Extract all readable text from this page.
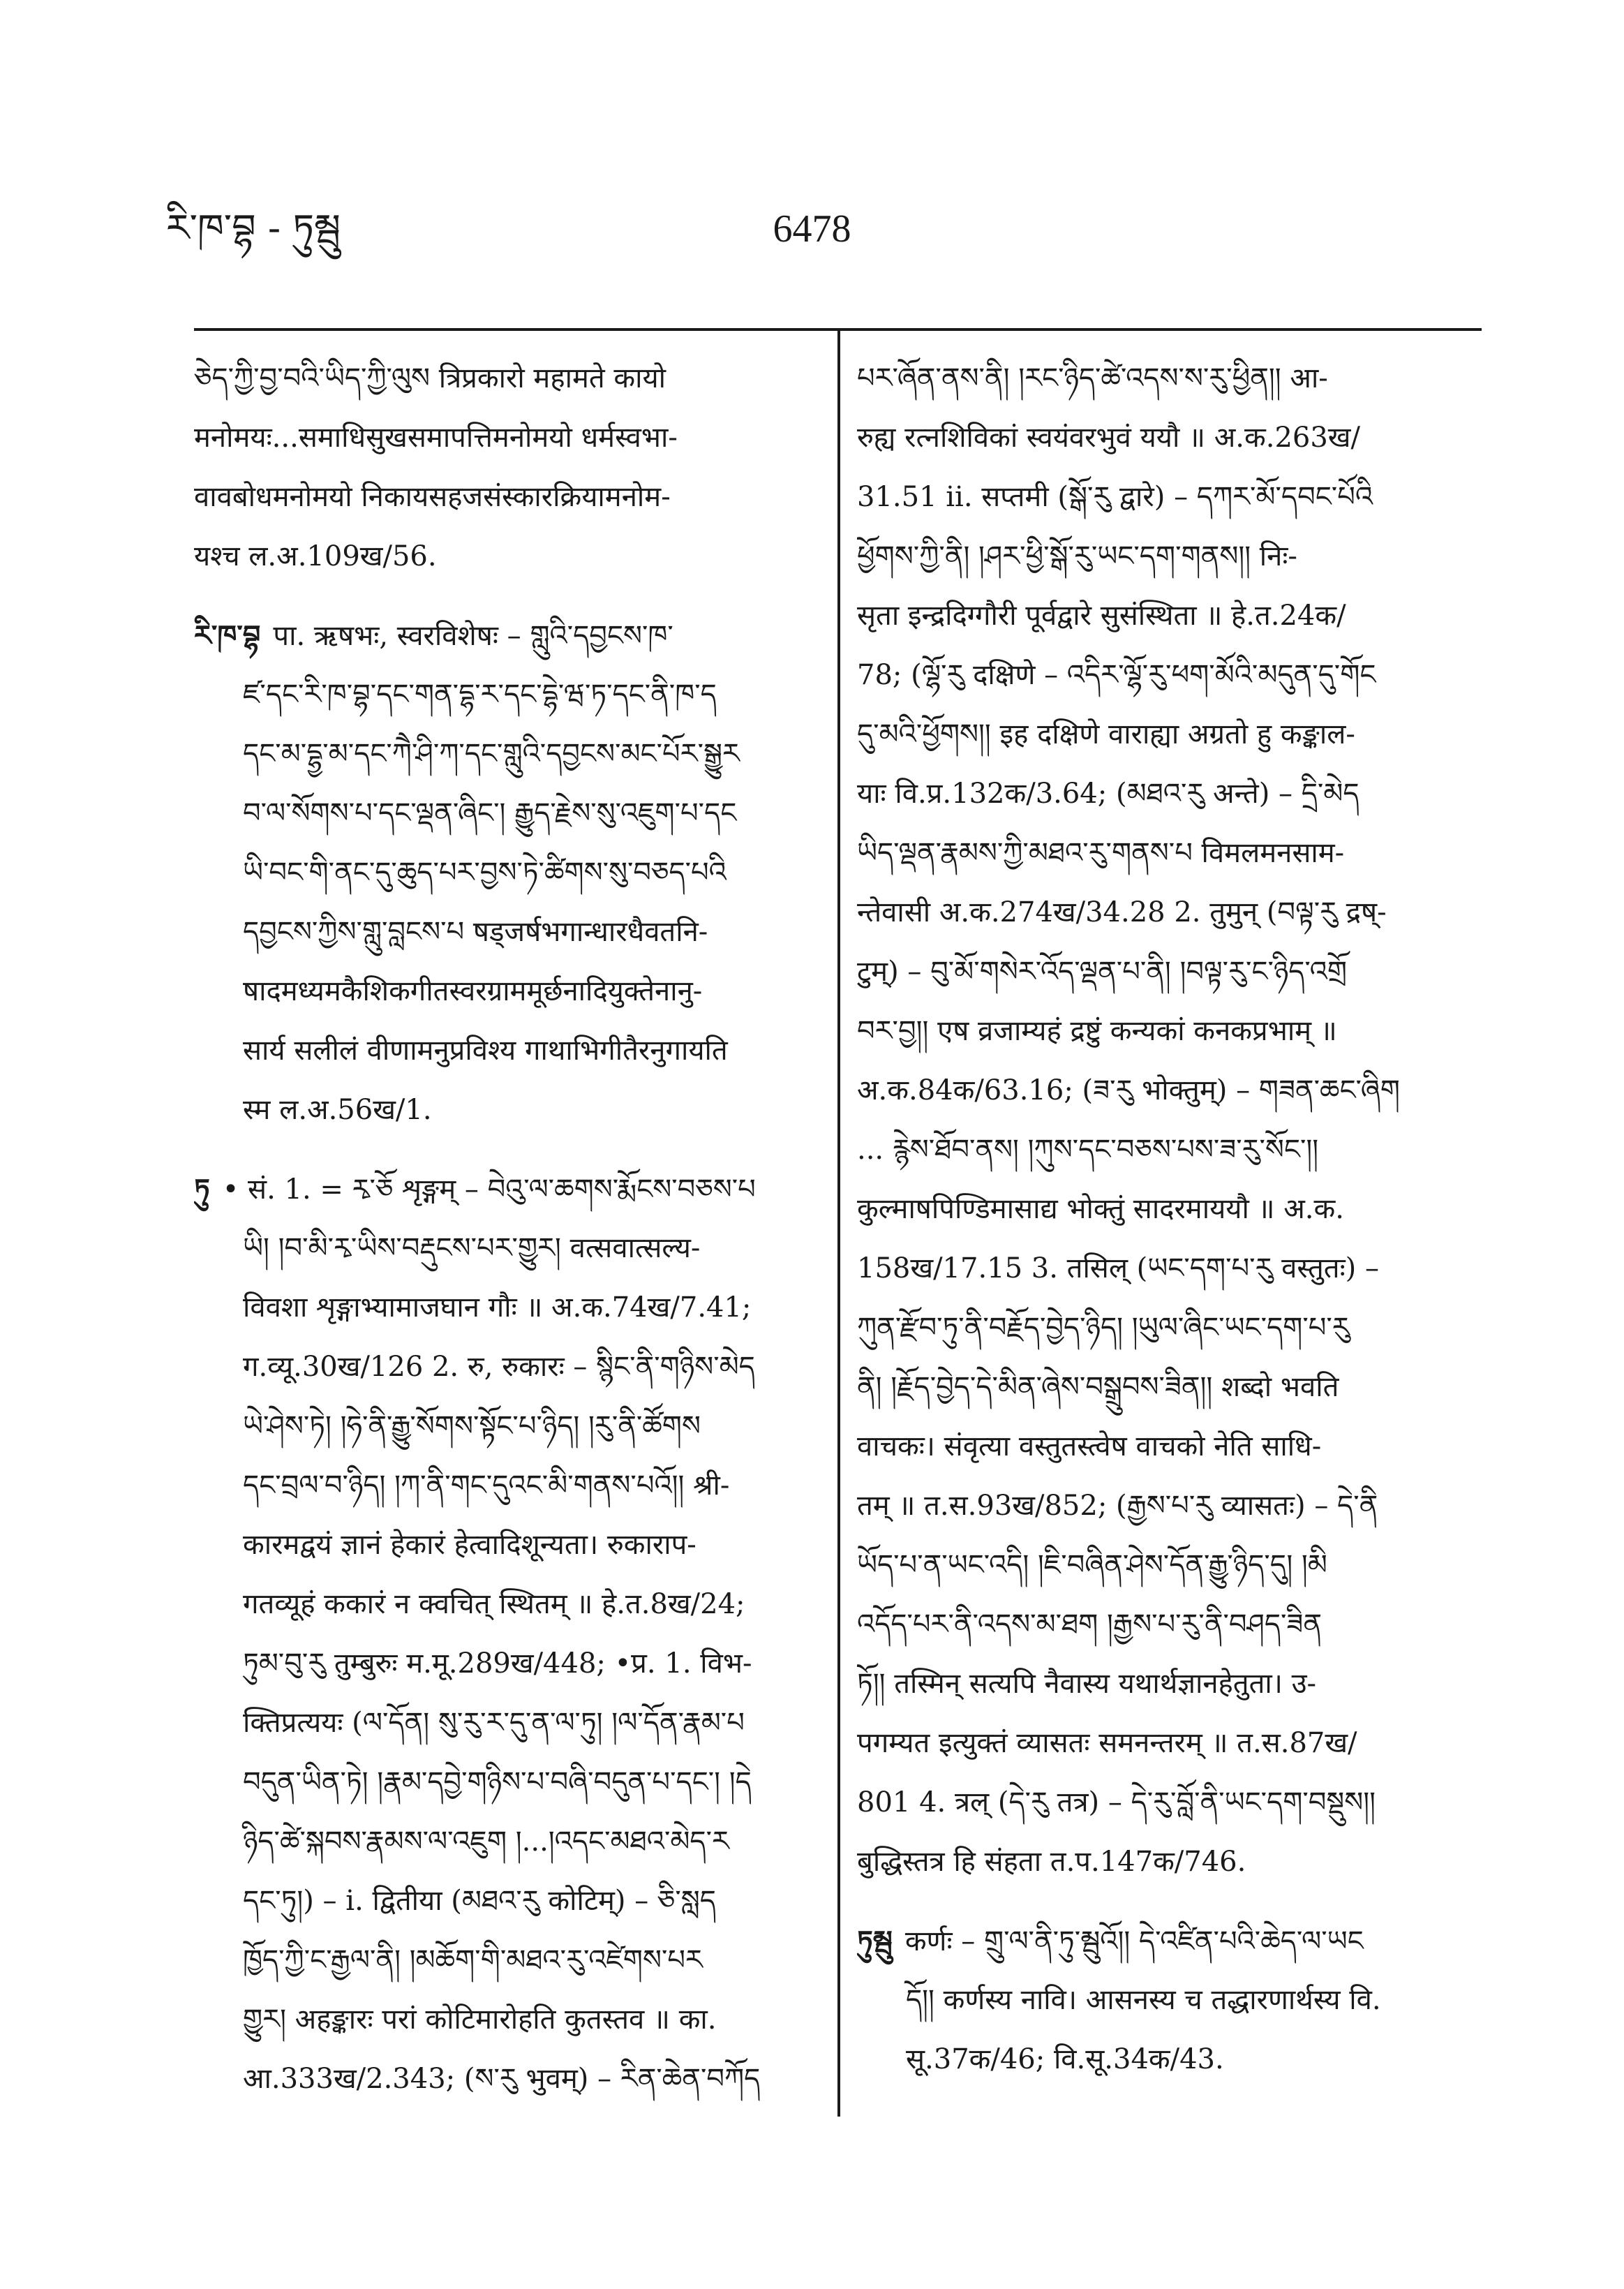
རི་ཁ་བྷ - ཏུམྦུ	6478
ཅེད་ཀྱི་བྱ་བའི་ཡིད་ཀྱི་ལུས त्रिप्रकारो महामते कायो
मनोमयः...समाधिसुखसमापत्तिमनोमयो धर्मस्वभा-
वावबोधमनोमयो निकायसहजसंस्कारक्रियामनोम-
यश्च ल.अ.109ख/56.
རི་ཁ་བྷ पा. ऋषभः, स्वरविशेषः – གླུའི་དབྱངས་ཁ་
ཛ་དང་རི་ཁ་བྷ་དང་གན་དྷ་ར་དང་དྷེ་ཝ་ཏ་དང་ནི་ཁ་ད
དང་མ་དྷྱ་མ་དང་ཀཻ་ཤི་ཀ་དང་གླུའི་དབྱངས་མང་པོར་སྒྱུར
བ་ལ་སོགས་པ་དང་ལྡན་ཞིང་། རྒྱུད་རྗེས་སུ་འཇུག་པ་དང
ཡི་བང་གི་ནང་དུ་ཆུད་པར་བྱས་ཏེ་ཚིགས་སུ་བཅད་པའི
དབྱངས་ཀྱིས་གླུ་བླངས་པ षड्जर्षभगान्धारधैवतनि-
षादमध्यमकैशिकगीतस्वरग्राममूर्छनादियुक्तेनानु-
सार्य सलीलं वीणामनुप्रविश्य गाथाभिगीतैरनुगायति
स्म ल.अ.56ख/1.
ཏུ • सं. 1. = རྭ་ཅོ शृङ्गम् – བེའུ་ལ་ཆགས་རྨོངས་བཅས་པ
ཡི། །བ་མི་རྭ་ཡིས་བརྡུངས་པར་གྱུར། वत्सवात्सल्य-
विवशा शृङ्गाभ्यामाजघान गौः ॥ अ.क.74ख/7.41;
ग.व्यू.30ख/126 2. रु, रुकारः – སྙིང་ནི་གཉིས་མེད
ཡེ་ཤེས་ཏེ། །ཧེ་ནི་རྒྱུ་སོགས་སྟོང་པ་ཉིད། །རུ་ནི་ཚོགས
དང་བྲལ་བ་ཉིད། །ཀ་ནི་གང་དུའང་མི་གནས་པའོ།། श्री-
कारमद्वयं ज्ञानं हेकारं हेत्वादिशून्यता। रुकाराप-
गतव्यूहं ककारं न क्वचित् स्थितम् ॥ हे.त.8ख/24;
ཏུམ་བུ་རུ तुम्बुरुः म.मू.289ख/448; •प्र. 1. विभ-
क्तिप्रत्ययः (ལ་དོན། སུ་རུ་ར་དུ་ན་ལ་ཏུ། །ལ་དོན་རྣམ་པ
བདུན་ཡིན་ཏེ། །རྣམ་དབྱེ་གཉིས་པ་བཞི་བདུན་པ་དང་། །དེ
ཉིད་ཚེ་སྐབས་རྣམས་ལ་འཇུག །...།འདང་མཐའ་མེད་ར
དང་ཏུ།) – i. द्वितीया (མཐའ་རུ कोटिम्) – ཅི་སླད
ཁྱོད་ཀྱི་ང་རྒྱལ་ནི། །མཆོག་གི་མཐའ་རུ་འཛེགས་པར
གྱུར། अहङ्कारः परां कोटिमारोहति कुतस्तव ॥ का.
आ.333ख/2.343; (ས་རུ भुवम्) – རིན་ཆེན་བཀོད
པར་ཞོན་ནས་ནི། །རང་ཉིད་ཚེ་འདས་ས་རུ་ཕྱིན།། आ-
रुह्य रत्नशिविकां स्वयंवरभुवं ययौ ॥ अ.क.263ख/
31.51 ii. सप्तमी (སྒོ་རུ द्वारे) – དཀར་མོ་དབང་པོའི
ཕྱོགས་ཀྱི་ནི། །ཤར་ཕྱི་སྒོ་རུ་ཡང་དག་གནས།། निः-
सृता इन्द्रदिग्गौरी पूर्वद्वारे सुसंस्थिता ॥ हे.त.24क/
78; (ལྷོ་རུ दक्षिणे – འདིར་ལྷོ་རུ་ཕག་མོའི་མདུན་དུ་གོང
དུ་མའི་ཕྱོགས།། इह दक्षिणे वाराह्या अग्रतो हु कङ्काल-
याः वि.प्र.132क/3.64; (མཐའ་རུ अन्ते) – དྲི་མེད
ཡིད་ལྡན་རྣམས་ཀྱི་མཐའ་རུ་གནས་པ विमलमनसाम-
न्तेवासी अ.क.274ख/34.28 2. तुमुन् (བལྟ་རུ द्रष्-
टुम्) – བུ་མོ་གསེར་འོད་ལྡན་པ་ནི། །བལྟ་རུ་ང་ཉིད་འགྲོ
བར་བྱ།། एष व्रजाम्यहं द्रष्टुं कन्यकां कनकप्रभाम् ॥
अ.क.84क/63.16; (ཟ་རུ भोक्तुम्) – གཟན་ཆང་ཞིག
... རྙེས་ཐོབ་ནས། །ཀུས་དང་བཅས་པས་ཟ་རུ་སོང་།།
कुल्माषपिण्डिमासाद्य भोक्तुं सादरमाययौ ॥ अ.क.
158ख/17.15 3. तसिल् (ཡང་དག་པ་རུ वस्तुतः) –
ཀུན་རྫོབ་ཏུ་ནི་བརྗོད་བྱེད་ཉིད། །ཡུལ་ཞིང་ཡང་དག་པ་རུ
ནི། །རྗོད་བྱེད་དེ་མིན་ཞེས་བསྒྲུབས་ཟིན།། शब्दो भवति
वाचकः। संवृत्या वस्तुतस्त्वेष वाचको नेति साधि-
तम् ॥ त.स.93ख/852; (རྒྱས་པ་རུ व्यासतः) – དེ་ནི
ཡོད་པ་ན་ཡང་འདི། །ཇི་བཞིན་ཤེས་དོན་རྒྱུ་ཉིད་དུ། །མི
འདོད་པར་ནི་འདས་མ་ཐག །རྒྱས་པ་རུ་ནི་བཤད་ཟིན
ཏོ།། तस्मिन् सत्यपि नैवास्य यथार्थज्ञानहेतुता। उ-
पगम्यत इत्युक्तं व्यासतः समनन्तरम् ॥ त.स.87ख/
801 4. त्रल् (དེ་རུ तत्र) – དེ་རུ་བློ་ནི་ཡང་དག་བསྡུས།།
बुद्धिस्तत्र हि संहता त.प.147क/746.
ཏུམྦུ कर्णः – གྲུ་ལ་ནི་ཏུ་མྦུའོ།། དེ་འཛིན་པའི་ཆེད་ལ་ཡང
དོ།། कर्णस्य नावि। आसनस्य च तद्धारणार्थस्य वि.
सू.37क/46; वि.सू.34क/43.
